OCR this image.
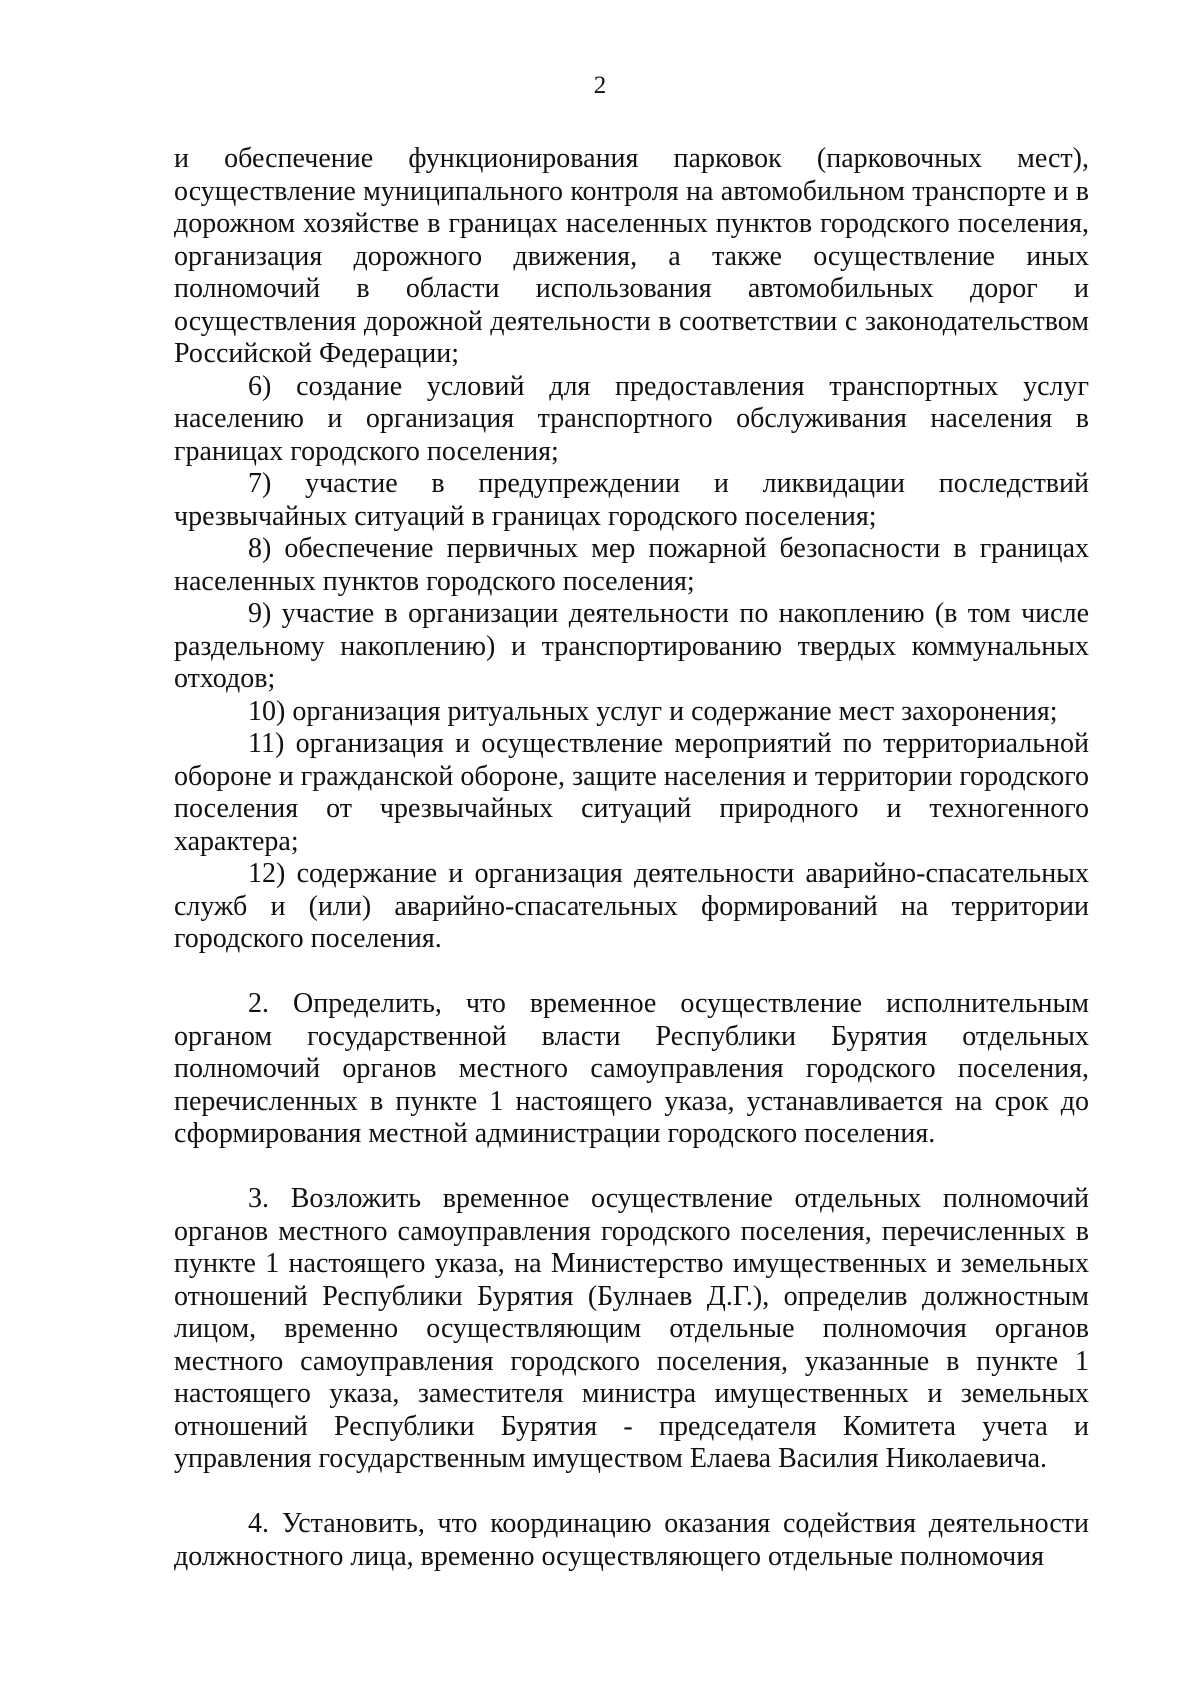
2

и обеспечение функционирования парковок (парковочных мест), осуществление муниципального контроля на автомобильном транспорте и в дорожном хозяйстве в границах населенных пунктов городского поселения, организация дорожного движения, а также осуществление иных полномочий в области использования автомобильных дорог и осуществления дорожной деятельности в соответствии с законодательством Российской Федерации;

6) создание условий для предоставления транспортных услуг населению и организация транспортного обслуживания населения в границах городского поселения;

7) участие в предупреждении и ликвидации последствий чрезвычайных ситуаций в границах городского поселения;

8) обеспечение первичных мер пожарной безопасности в границах населенных пунктов городского поселения;

9) участие в организации деятельности по накоплению (в том числе раздельному накоплению) и транспортированию твердых коммунальных отходов;

10) организация ритуальных услуг и содержание мест захоронения;

11) организация и осуществление мероприятий по территориальной обороне и гражданской обороне, защите населения и территории городского поселения от чрезвычайных ситуаций природного и техногенного характера;

12) содержание и организация деятельности аварийно-спасательных служб и (или) аварийно-спасательных формирований на территории городского поселения.

2. Определить, что временное осуществление исполнительным органом государственной власти Республики Бурятия отдельных полномочий органов местного самоуправления городского поселения, перечисленных в пункте 1 настоящего указа, устанавливается на срок до сформирования местной администрации городского поселения.

3. Возложить временное осуществление отдельных полномочий органов местного самоуправления городского поселения, перечисленных в пункте 1 настоящего указа, на Министерство имущественных и земельных отношений Республики Бурятия (Булнаев Д.Г.), определив должностным лицом, временно осуществляющим отдельные полномочия органов местного самоуправления городского поселения, указанные в пункте 1 настоящего указа, заместителя министра имущественных и земельных отношений Республики Бурятия - председателя Комитета учета и управления государственным имуществом Елаева Василия Николаевича.

4. Установить, что координацию оказания содействия деятельности должностного лица, временно осуществляющего отдельные полномочия
